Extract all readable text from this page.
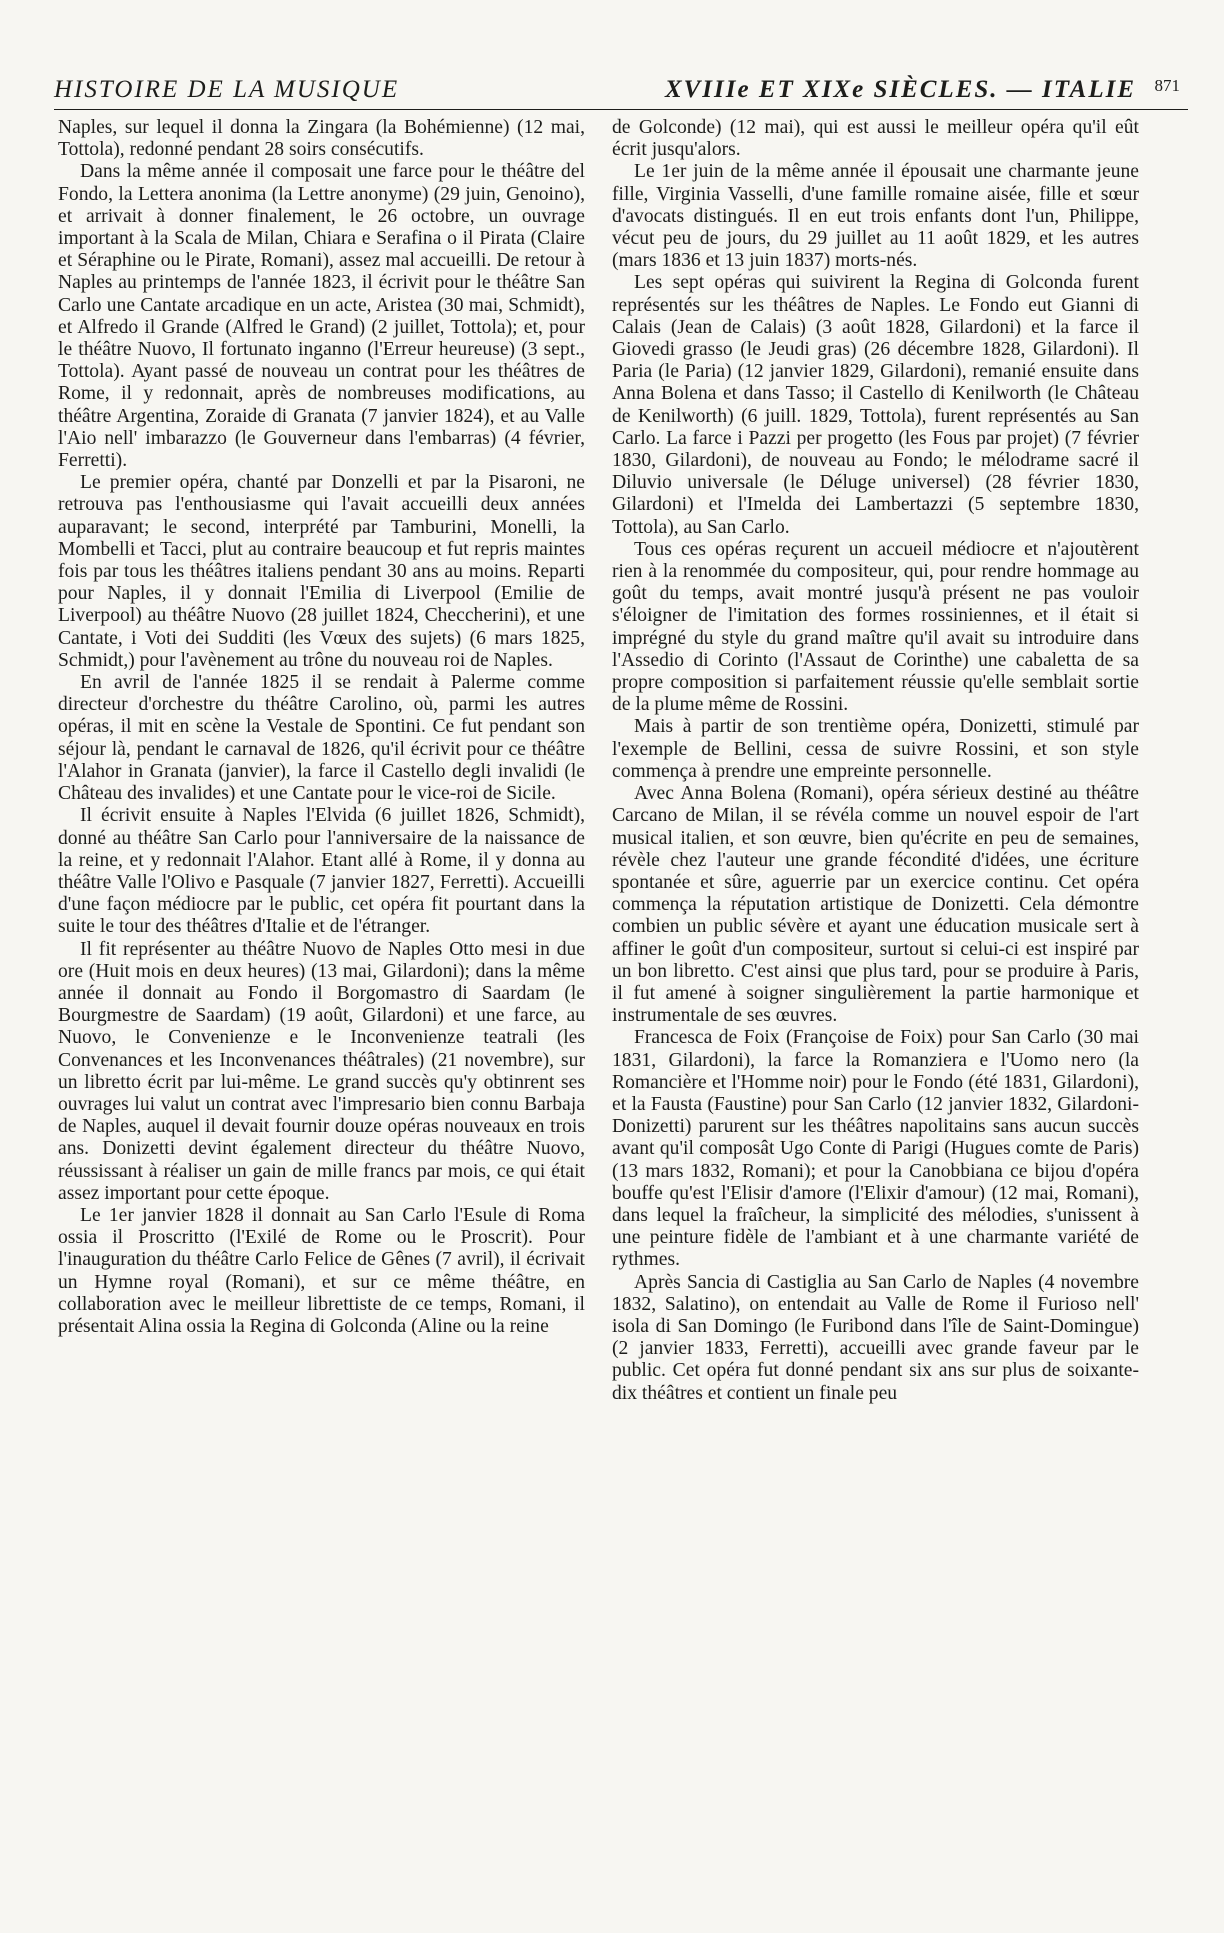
HISTOIRE DE LA MUSIQUE	XVIIIe ET XIXe SIÈCLES. — ITALIE 871

Naples, sur lequel il donna la Zingara (la Bohémienne) (12 mai, Tottola), redonné pendant 28 soirs consécutifs.

Dans la même année il composait une farce pour le théâtre del Fondo, la Lettera anonima (la Lettre anonyme) (29 juin, Genoino), et arrivait à donner finalement, le 26 octobre, un ouvrage important à la Scala de Milan, Chiara e Serafina o il Pirata (Claire et Séraphine ou le Pirate, Romani), assez mal accueilli. De retour à Naples au printemps de l'année 1823, il écrivit pour le théâtre San Carlo une Cantate arcadique en un acte, Aristea (30 mai, Schmidt), et Alfredo il Grande (Alfred le Grand) (2 juillet, Tottola); et, pour le théâtre Nuovo, Il fortunato inganno (l'Erreur heureuse) (3 sept., Tottola). Ayant passé de nouveau un contrat pour les théâtres de Rome, il y redonnait, après de nombreuses modifications, au théâtre Argentina, Zoraide di Granata (7 janvier 1824), et au Valle l'Aio nell' imbarazzo (le Gouverneur dans l'embarras) (4 février, Ferretti).

Le premier opéra, chanté par Donzelli et par la Pisaroni, ne retrouva pas l'enthousiasme qui l'avait accueilli deux années auparavant; le second, interprété par Tamburini, Monelli, la Mombelli et Tacci, plut au contraire beaucoup et fut repris maintes fois par tous les théâtres italiens pendant 30 ans au moins. Reparti pour Naples, il y donnait l'Emilia di Liverpool (Emilie de Liverpool) au théâtre Nuovo (28 juillet 1824, Checcherini), et une Cantate, i Voti dei Sudditi (les Vœux des sujets) (6 mars 1825, Schmidt,) pour l'avènement au trône du nouveau roi de Naples.

En avril de l'année 1825 il se rendait à Palerme comme directeur d'orchestre du théâtre Carolino, où, parmi les autres opéras, il mit en scène la Vestale de Spontini. Ce fut pendant son séjour là, pendant le carnaval de 1826, qu'il écrivit pour ce théâtre l'Alahor in Granata (janvier), la farce il Castello degli invalidi (le Château des invalides) et une Cantate pour le vice-roi de Sicile.

Il écrivit ensuite à Naples l'Elvida (6 juillet 1826, Schmidt), donné au théâtre San Carlo pour l'anniversaire de la naissance de la reine, et y redonnait l'Alahor. Etant allé à Rome, il y donna au théâtre Valle l'Olivo e Pasquale (7 janvier 1827, Ferretti). Accueilli d'une façon médiocre par le public, cet opéra fit pourtant dans la suite le tour des théâtres d'Italie et de l'étranger.

Il fit représenter au théâtre Nuovo de Naples Otto mesi in due ore (Huit mois en deux heures) (13 mai, Gilardoni); dans la même année il donnait au Fondo il Borgomastro di Saardam (le Bourgmestre de Saardam) (19 août, Gilardoni) et une farce, au Nuovo, le Convenienze e le Inconvenienze teatrali (les Convenances et les Inconvenances théâtrales) (21 novembre), sur un libretto écrit par lui-même. Le grand succès qu'y obtinrent ses ouvrages lui valut un contrat avec l'impresario bien connu Barbaja de Naples, auquel il devait fournir douze opéras nouveaux en trois ans. Donizetti devint également directeur du théâtre Nuovo, réussissant à réaliser un gain de mille francs par mois, ce qui était assez important pour cette époque.

Le 1er janvier 1828 il donnait au San Carlo l'Esule di Roma ossia il Proscritto (l'Exilé de Rome ou le Proscrit). Pour l'inauguration du théâtre Carlo Felice de Gênes (7 avril), il écrivait un Hymne royal (Romani), et sur ce même théâtre, en collaboration avec le meilleur librettiste de ce temps, Romani, il présentait Alina ossia la Regina di Golconda (Aline ou la reine

de Golconde) (12 mai), qui est aussi le meilleur opéra qu'il eût écrit jusqu'alors.

Le 1er juin de la même année il épousait une charmante jeune fille, Virginia Vasselli, d'une famille romaine aisée, fille et sœur d'avocats distingués. Il en eut trois enfants dont l'un, Philippe, vécut peu de jours, du 29 juillet au 11 août 1829, et les autres (mars 1836 et 13 juin 1837) morts-nés.

Les sept opéras qui suivirent la Regina di Golconda furent représentés sur les théâtres de Naples. Le Fondo eut Gianni di Calais (Jean de Calais) (3 août 1828, Gilardoni) et la farce il Giovedi grasso (le Jeudi gras) (26 décembre 1828, Gilardoni). Il Paria (le Paria) (12 janvier 1829, Gilardoni), remanié ensuite dans Anna Bolena et dans Tasso; il Castello di Kenilworth (le Château de Kenilworth) (6 juill. 1829, Tottola), furent représentés au San Carlo. La farce i Pazzi per progetto (les Fous par projet) (7 février 1830, Gilardoni), de nouveau au Fondo; le mélodrame sacré il Diluvio universale (le Déluge universel) (28 février 1830, Gilardoni) et l'Imelda dei Lambertazzi (5 septembre 1830, Tottola), au San Carlo.

Tous ces opéras reçurent un accueil médiocre et n'ajoutèrent rien à la renommée du compositeur, qui, pour rendre hommage au goût du temps, avait montré jusqu'à présent ne pas vouloir s'éloigner de l'imitation des formes rossiniennes, et il était si imprégné du style du grand maître qu'il avait su introduire dans l'Assedio di Corinto (l'Assaut de Corinthe) une cabaletta de sa propre composition si parfaitement réussie qu'elle semblait sortie de la plume même de Rossini.

Mais à partir de son trentième opéra, Donizetti, stimulé par l'exemple de Bellini, cessa de suivre Rossini, et son style commença à prendre une empreinte personnelle.

Avec Anna Bolena (Romani), opéra sérieux destiné au théâtre Carcano de Milan, il se révéla comme un nouvel espoir de l'art musical italien, et son œuvre, bien qu'écrite en peu de semaines, révèle chez l'auteur une grande fécondité d'idées, une écriture spontanée et sûre, aguerrie par un exercice continu. Cet opéra commença la réputation artistique de Donizetti. Cela démontre combien un public sévère et ayant une éducation musicale sert à affiner le goût d'un compositeur, surtout si celui-ci est inspiré par un bon libretto. C'est ainsi que plus tard, pour se produire à Paris, il fut amené à soigner singulièrement la partie harmonique et instrumentale de ses œuvres.

Francesca de Foix (Françoise de Foix) pour San Carlo (30 mai 1831, Gilardoni), la farce la Romanziera e l'Uomo nero (la Romancière et l'Homme noir) pour le Fondo (été 1831, Gilardoni), et la Fausta (Faustine) pour San Carlo (12 janvier 1832, Gilardoni-Donizetti) parurent sur les théâtres napolitains sans aucun succès avant qu'il composât Ugo Conte di Parigi (Hugues comte de Paris) (13 mars 1832, Romani); et pour la Canobbiana ce bijou d'opéra bouffe qu'est l'Elisir d'amore (l'Elixir d'amour) (12 mai, Romani), dans lequel la fraîcheur, la simplicité des mélodies, s'unissent à une peinture fidèle de l'ambiant et à une charmante variété de rythmes.

Après Sancia di Castiglia au San Carlo de Naples (4 novembre 1832, Salatino), on entendait au Valle de Rome il Furioso nell' isola di San Domingo (le Furibond dans l'île de Saint-Domingue) (2 janvier 1833, Ferretti), accueilli avec grande faveur par le public. Cet opéra fut donné pendant six ans sur plus de soixante-dix théâtres et contient un finale peu
